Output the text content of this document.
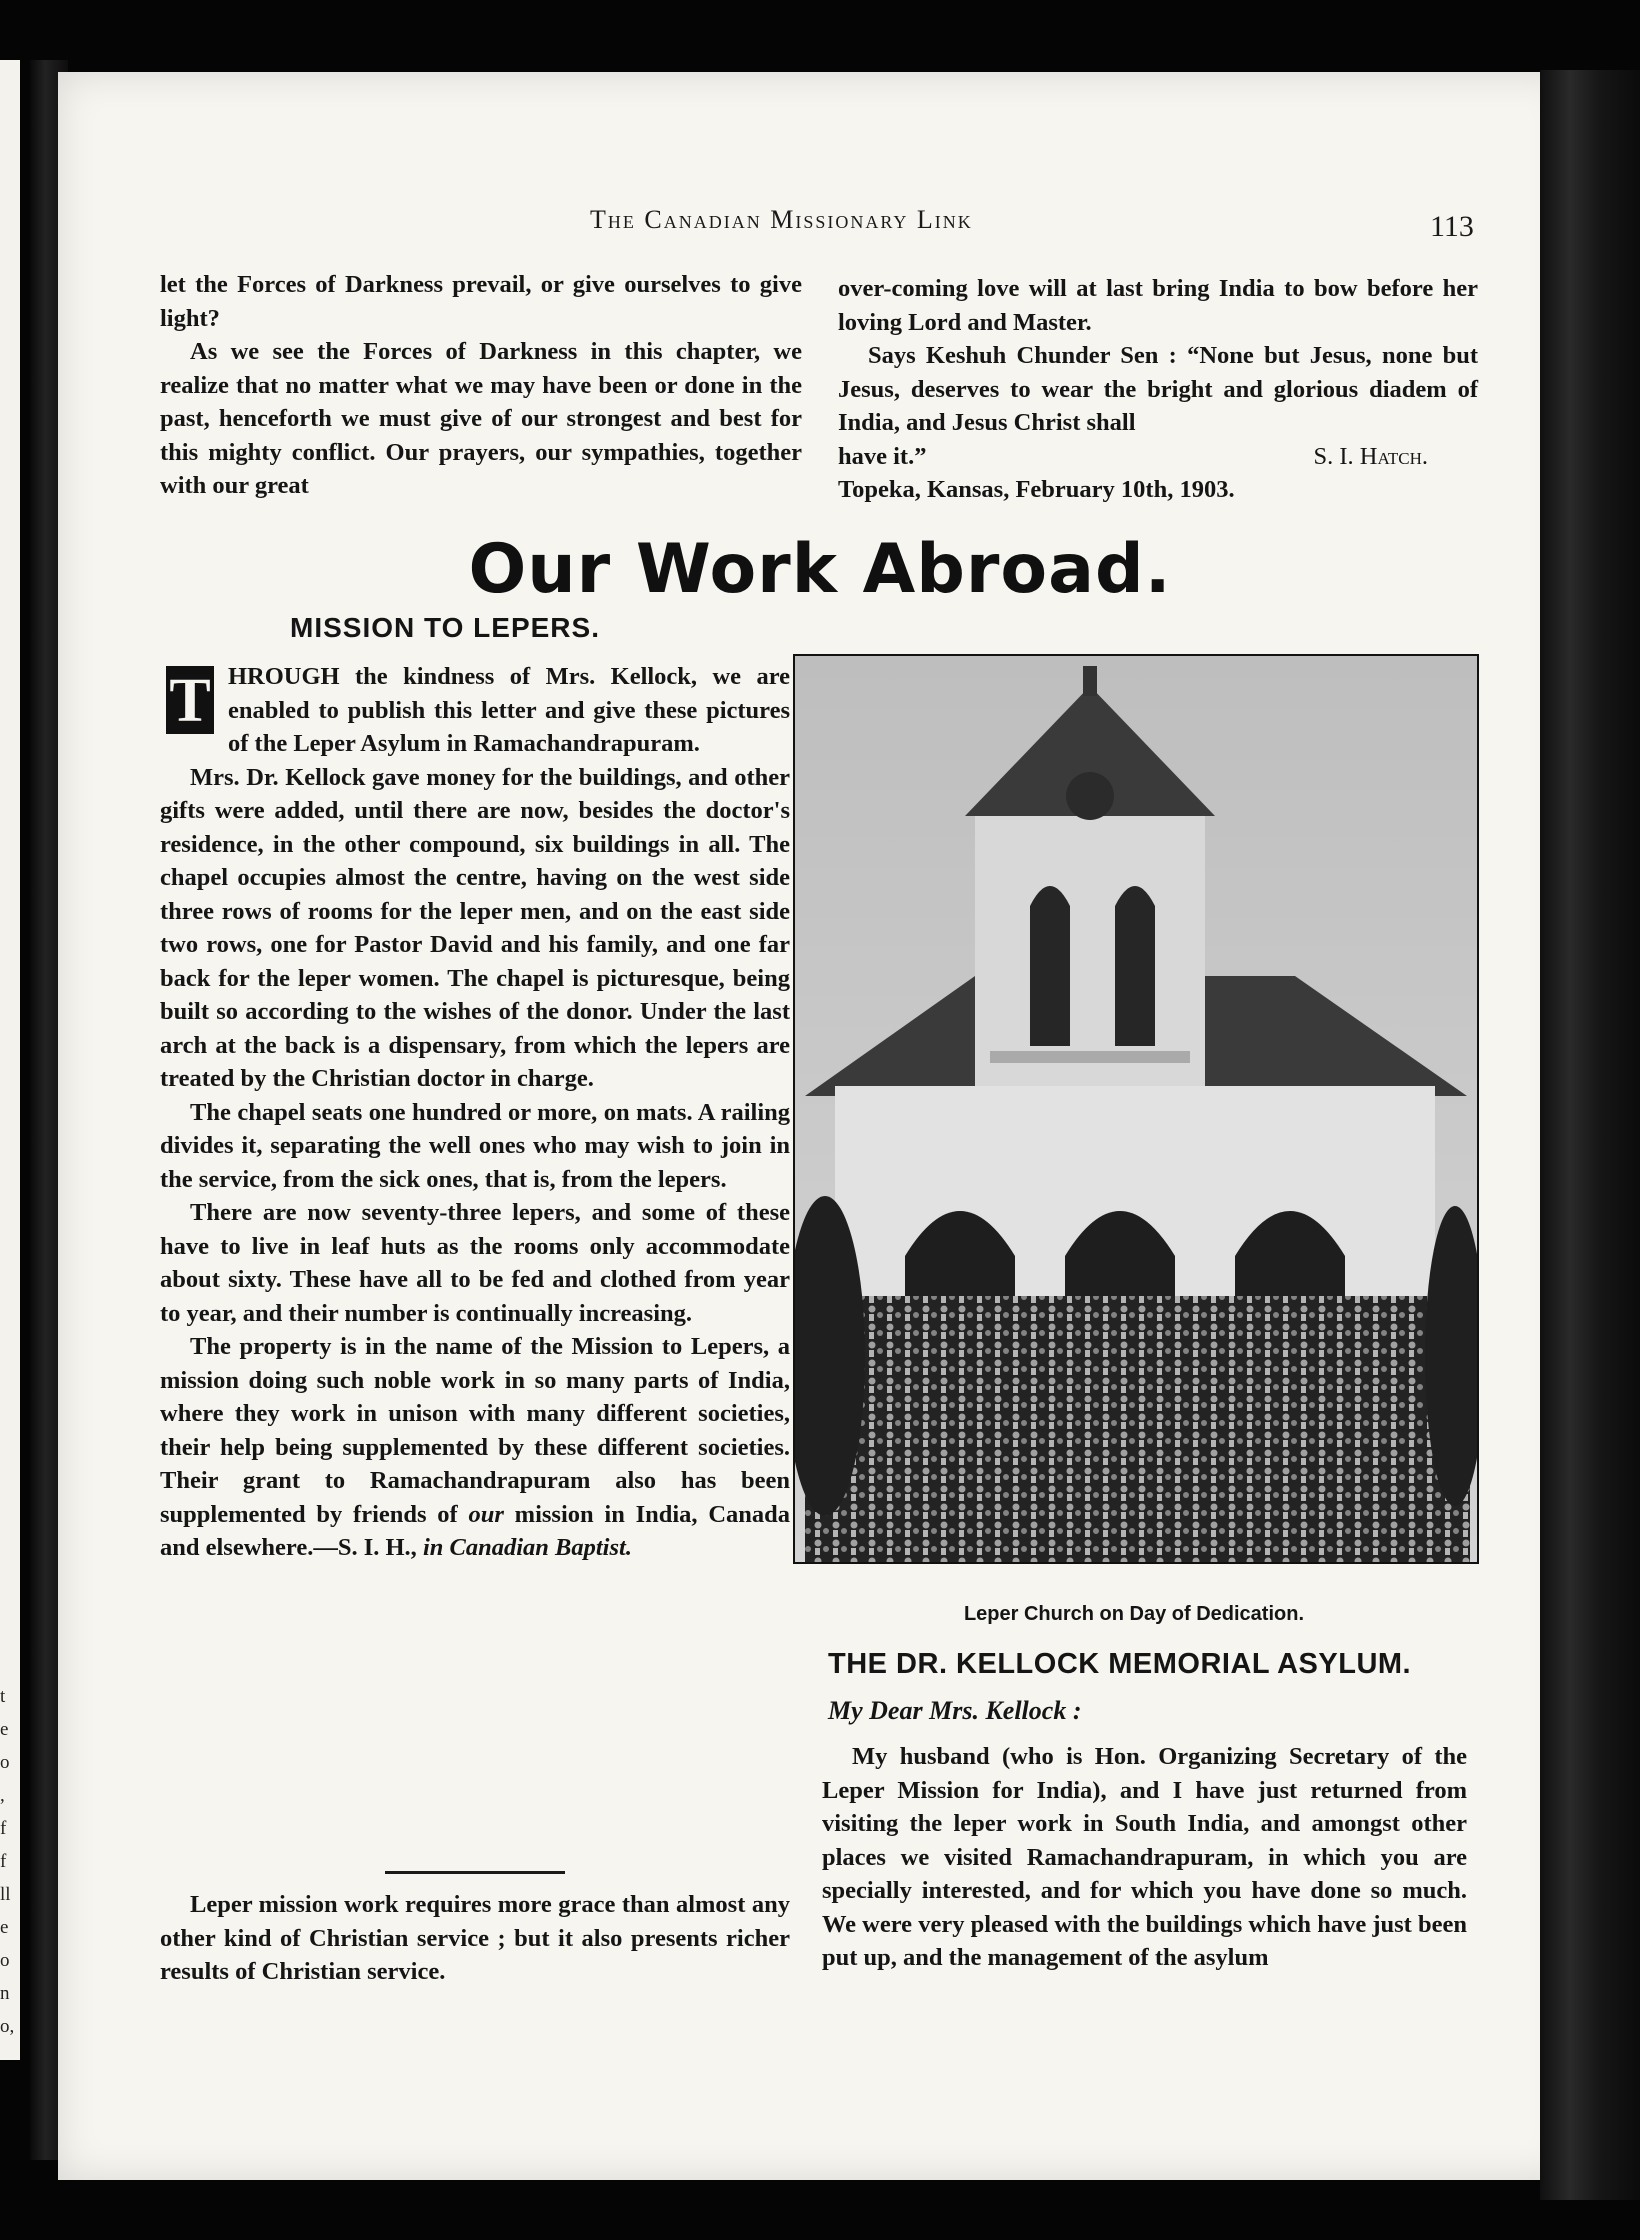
t
e
o
,
f
f
ll
e
o
n
o,
The Canadian Missionary Link	113

let the Forces of Darkness prevail, or give ourselves to give light?

As we see the Forces of Darkness in this chapter, we realize that no matter what we may have been or done in the past, henceforth we must give of our strongest and best for this mighty conflict. Our prayers, our sympathies, together with our great

over-coming love will at last bring India to bow before her loving Lord and Master.

Says Keshuh Chunder Sen : “None but Jesus, none but Jesus, deserves to wear the bright and glorious diadem of India, and Jesus Christ shall

have it.”	S. I. Hatch.
Topeka, Kansas, February 10th, 1903.
Our Work Abroad.
MISSION TO LEPERS.

T HROUGH the kindness of Mrs. Kellock, we are enabled to publish this letter and give these pictures of the Leper Asylum in Ramachandrapuram.

Mrs. Dr. Kellock gave money for the buildings, and other gifts were added, until there are now, besides the doctor's residence, in the other compound, six buildings in all. The chapel occupies almost the centre, having on the west side three rows of rooms for the leper men, and on the east side two rows, one for Pastor David and his family, and one far back for the leper women. The chapel is picturesque, being built so according to the wishes of the donor. Under the last arch at the back is a dispensary, from which the lepers are treated by the Christian doctor in charge.

The chapel seats one hundred or more, on mats. A railing divides it, separating the well ones who may wish to join in the service, from the sick ones, that is, from the lepers.

There are now seventy-three lepers, and some of these have to live in leaf huts as the rooms only accommodate about sixty. These have all to be fed and clothed from year to year, and their number is continually increasing.

The property is in the name of the Mission to Lepers, a mission doing such noble work in so many parts of India, where they work in unison with many different societies, their help being supplemented by these different societies. Their grant to Ramachandrapuram also has been supplemented by friends of our mission in India, Canada and elsewhere.—S. I. H., in Canadian Baptist.

Leper mission work requires more grace than almost any other kind of Christian service ; but it also presents richer results of Christian service.

Leper Church on Day of Dedication.
THE DR. KELLOCK MEMORIAL ASYLUM.
My Dear Mrs. Kellock :

My husband (who is Hon. Organizing Secretary of the Leper Mission for India), and I have just returned from visiting the leper work in South India, and amongst other places we visited Ramachandrapuram, in which you are specially interested, and for which you have done so much. We were very pleased with the buildings which have just been put up, and the management of the asylum
